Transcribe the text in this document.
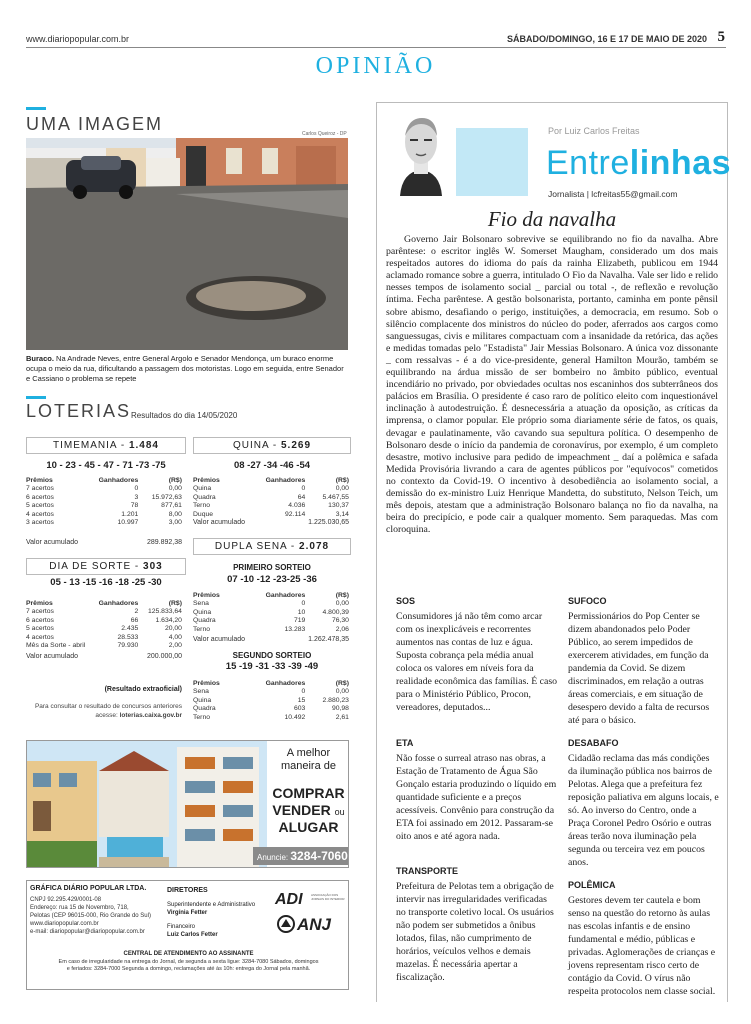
www.diariopopular.com.br	SÁBADO/DOMINGO, 16 E 17 DE MAIO DE 2020 5
OPINIÃO
UMA IMAGEM	Carlos Queiroz - DP
Buraco. Na Andrade Neves, entre General Argolo e Senador Mendonça, um buraco enorme ocupa o meio da rua, dificultando a passagem dos motoristas. Logo em seguida, entre Senador e Cassiano o problema se repete
LOTERIAS Resultados do dia 14/05/2020
TIMEMANIA - 1.484
10 - 23 - 45 - 47 - 71 -73 -75
Prêmios	Ganhadores	(R$)
7 acertos	0	0,00
6 acertos	3	15.972,63
5 acertos	78	877,61
4 acertos	1.201	8,00
3 acertos	10.997	3,00
Valor acumulado	289.892,38
QUINA - 5.269
08 -27 -34 -46 -54
Prêmios	Ganhadores	(R$)
Quina	0	0,00
Quadra	64	5.467,55
Terno	4.036	130,37
Duque	92.114	3,14
Valor acumulado	1.225.030,65
DIA DE SORTE - 303
05 - 13 -15 -16 -18 -25 -30
Prêmios	Ganhadores	(R$)
7 acertos	2	125.833,64
6 acertos	66	1.634,20
5 acertos	2.435	20,00
4 acertos	28.533	4,00
Mês da Sorte - abril	79.930	2,00
Valor acumulado	200.000,00
DUPLA SENA - 2.078
PRIMEIRO SORTEIO
07 -10 -12 -23-25 -36
Prêmios	Ganhadores	(R$)
Sena	0	0,00
Quina	10	4.800,39
Quadra	719	76,30
Terno	13.283	2,06
Valor acumulado	1.262.478,35
SEGUNDO SORTEIO
15 -19 -31 -33 -39 -49
Prêmios	Ganhadores	(R$)
Sena	0	0,00
Quina	15	2.880,23
Quadra	603	90,98
Terno	10.492	2,61
(Resultado extraoficial)
Para consultar o resultado de concursos anteriores acesse: loterias.caixa.gov.br
A melhor
maneira de
COMPRAR
VENDER ou
ALUGAR
Anuncie: 3284-7060
GRÁFICA DIÁRIO POPULAR LTDA.
CNPJ 92.295.429/0001-08
Endereço: rua 15 de Novembro, 718,
Pelotas (CEP 96015-000, Rio Grande do Sul)
www.diariopopular.com.br
e-mail: diariopopular@diariopopular.com.br
DIRETORES
Superintendente e Administrativo
Virgínia Fetter
Financeiro
Luiz Carlos Fetter
ADI	ASSOCIAÇÃO DOS JORNAIS DO INTERIOR
ANJ
CENTRAL DE ATENDIMENTO AO ASSINANTE
Em caso de irregularidade na entrega do Jornal, de segunda a sexta ligue: 3284-7080 Sábados, domingos e feriados: 3284-7000 Segunda a domingo, reclamações até às 10h: entrega do Jornal pela manhã.
Por Luiz Carlos Freitas
Entrelinhas
Jornalista | lcfreitas55@gmail.com
Fio da navalha
Governo Jair Bolsonaro sobrevive se equilibrando no fio da navalha. Abre parêntese: o escritor inglês W. Somerset Maugham, considerado um dos mais respeitados autores do idioma do país da rainha Elizabeth, publicou em 1944 aclamado romance sobre a guerra, intitulado O Fio da Navalha. Vale ser lido e relido nesses tempos de isolamento social _ parcial ou total -, de reflexão e revolução íntima. Fecha parêntese. A gestão bolsonarista, portanto, caminha em ponte pênsil sobre abismo, desafiando o perigo, instituições, a democracia, em resumo. Sob o silêncio complacente dos ministros do núcleo do poder, aferrados aos cargos como sanguessugas, civis e militares compactuam com a insanidade da retórica, das ações e medidas tomadas pelo "Estadista" Jair Messias Bolsonaro. A única voz dissonante _ com ressalvas - é a do vice-presidente, general Hamilton Mourão, também se equilibrando na árdua missão de ser bombeiro no âmbito público, eventual incendiário no privado, por obviedades ocultas nos escaninhos dos subterrâneos dos palácios em Brasília. O presidente é caso raro de político eleito com inquestionável inclinação à autodestruição. É desnecessária a atuação da oposição, as críticas da imprensa, o clamor popular. Ele próprio soma diariamente série de fatos, os quais, devagar e paulatinamente, vão cavando sua sepultura política. O desempenho de Bolsonaro desde o início da pandemia de coronavírus, por exemplo, é um completo desastre, motivo inclusive para pedido de impeachment _ daí a polêmica e safada Medida Provisória livrando a cara de agentes públicos por "equívocos" cometidos no contexto da Covid-19. O incentivo à desobediência ao isolamento social, a demissão do ex-ministro Luiz Henrique Mandetta, do substituto, Nelson Teich, um mês depois, atestam que a administração Bolsonaro balança no fio da navalha, na beira do precipício, e pode cair a qualquer momento. Sem paraquedas. Mas com cloroquina.
SOS
Consumidores já não têm como arcar com os inexplicáveis e recorrentes aumentos nas contas de luz e água. Suposta cobrança pela média anual coloca os valores em níveis fora da realidade econômica das famílias. É caso para o Ministério Público, Procon, vereadores, deputados...
ETA
Não fosse o surreal atraso nas obras, a Estação de Tratamento de Água São Gonçalo estaria produzindo o líquido em quantidade suficiente e a preços acessíveis. Convênio para construção da ETA foi assinado em 2012. Passaram-se oito anos e até agora nada.
TRANSPORTE
Prefeitura de Pelotas tem a obrigação de intervir nas irregularidades verificadas no transporte coletivo local. Os usuários não podem ser submetidos a ônibus lotados, filas, não cumprimento de horários, veículos velhos e demais mazelas. É necessária apertar a fiscalização.
SUFOCO
Permissionários do Pop Center se dizem abandonados pelo Poder Público, ao serem impedidos de exercerem atividades, em função da pandemia da Covid. Se dizem discriminados, em relação a outras áreas comerciais, e em situação de desespero devido a falta de recursos até para o básico.
DESABAFO
Cidadão reclama das más condições da iluminação pública nos bairros de Pelotas. Alega que a prefeitura fez reposição paliativa em alguns locais, e só. Ao inverso do Centro, onde a Praça Coronel Pedro Osório e outras áreas terão nova iluminação pela segunda ou terceira vez em poucos anos.
POLÊMICA
Gestores devem ter cautela e bom senso na questão do retorno às aulas nas escolas infantis e de ensino fundamental e médio, públicas e privadas. Aglomerações de crianças e jovens representam risco certo de contágio da Covid. O vírus não respeita protocolos nem classe social.
